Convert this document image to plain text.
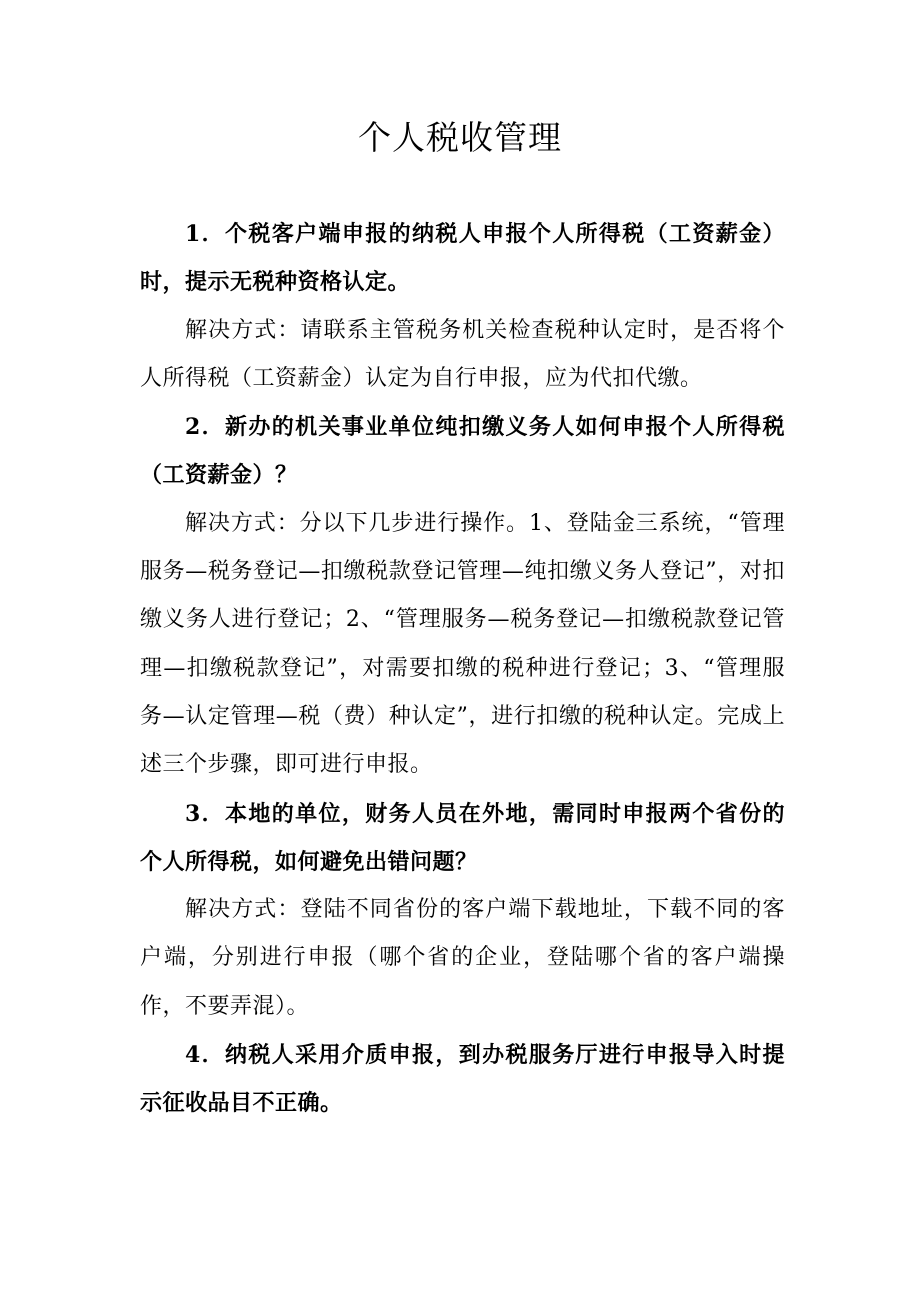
个人税收管理

1．个税客户端申报的纳税人申报个人所得税（工资薪金）时，提示无税种资格认定。

解决方式：请联系主管税务机关检查税种认定时，是否将个人所得税（工资薪金）认定为自行申报，应为代扣代缴。

2．新办的机关事业单位纯扣缴义务人如何申报个人所得税（工资薪金）？

解决方式：分以下几步进行操作。1、登陆金三系统，“管理服务—税务登记—扣缴税款登记管理—纯扣缴义务人登记”，对扣缴义务人进行登记；2、“管理服务—税务登记—扣缴税款登记管理—扣缴税款登记”，对需要扣缴的税种进行登记；3、“管理服务—认定管理—税（费）种认定”，进行扣缴的税种认定。完成上述三个步骤，即可进行申报。

3．本地的单位，财务人员在外地，需同时申报两个省份的个人所得税，如何避免出错问题？

解决方式：登陆不同省份的客户端下载地址，下载不同的客户端，分别进行申报（哪个省的企业，登陆哪个省的客户端操作，不要弄混）。

4．纳税人采用介质申报，到办税服务厅进行申报导入时提示征收品目不正确。
